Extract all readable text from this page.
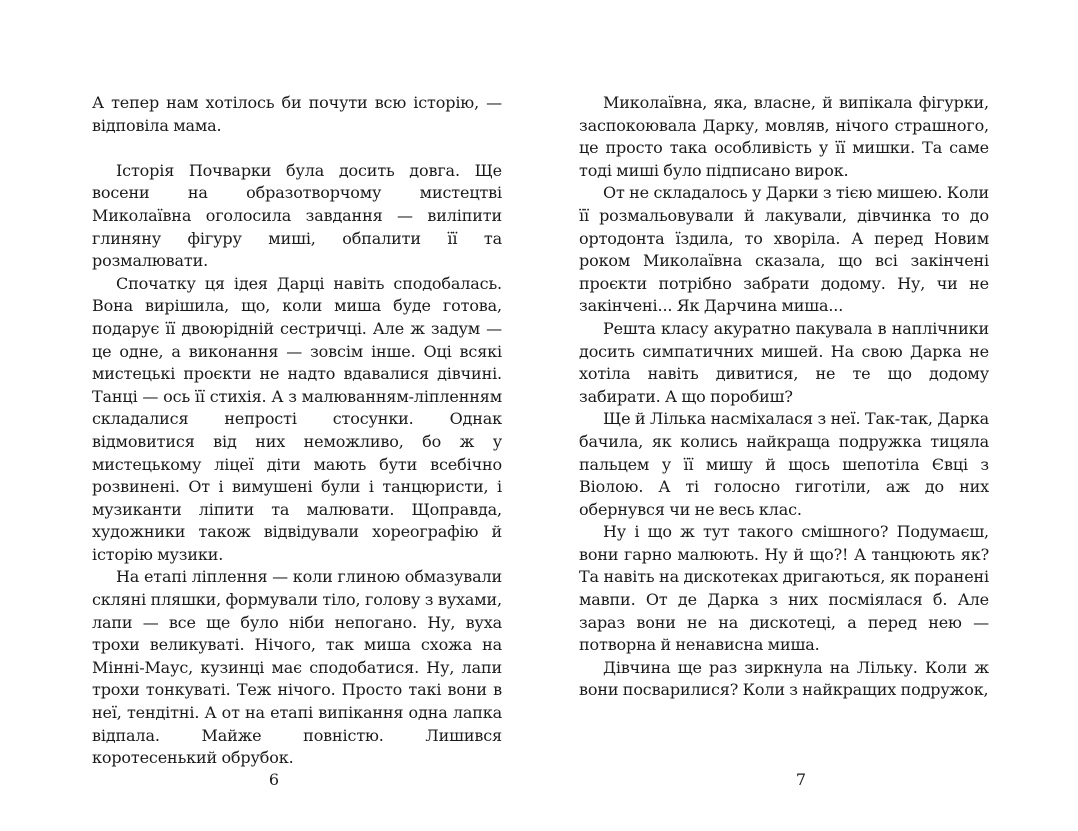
А тепер нам хотілось би почути всю історію, — відповіла мама.

Історія Почварки була досить довга. Ще восени на образотворчому мистецтві Миколаївна оголосила завдання — виліпити глиняну фігуру миші, обпалити її та розмалювати.

Спочатку ця ідея Дарці навіть сподобалась. Вона вирішила, що, коли миша буде готова, подарує її двоюрідній сестричці. Але ж задум — це одне, а виконання — зовсім інше. Оці всякі мистецькі проєкти не надто вдавалися дівчині. Танці — ось її стихія. А з малюванням-ліпленням складалися непрості стосунки. Однак відмовитися від них неможливо, бо ж у мистецькому ліцеї діти мають бути всебічно розвинені. От і вимушені були і танцюристи, і музиканти ліпити та малювати. Щоправда, художники також відвідували хореографію й історію музики.

На етапі ліплення — коли глиною обмазували скляні пляшки, формували тіло, голову з вухами, лапи — все ще було ніби непогано. Ну, вуха трохи великуваті. Нічого, так миша схожа на Мінні-Маус, кузинці має сподобатися. Ну, лапи трохи тонкуваті. Теж нічого. Просто такі вони в неї, тендітні. А от на етапі випікання одна лапка відпала. Майже повністю. Лишився коротесенький обрубок.

Миколаївна, яка, власне, й випікала фігурки, заспокоювала Дарку, мовляв, нічого страшного, це просто така особливість у її мишки. Та саме тоді миші було підписано вирок.

От не складалось у Дарки з тією мишею. Коли її розмальовували й лакували, дівчинка то до ортодонта їздила, то хворіла. А перед Новим роком Миколаївна сказала, що всі закінчені проєкти потрібно забрати додому. Ну, чи не закінчені... Як Дарчина миша...

Решта класу акуратно пакувала в наплічники досить симпатичних мишей. На свою Дарка не хотіла навіть дивитися, не те що додому забирати. А що поробиш?

Ще й Лілька насміхалася з неї. Так-так, Дарка бачила, як колись найкраща подружка тицяла пальцем у її мишу й щось шепотіла Євці з Віолою. А ті голосно гиготіли, аж до них обернувся чи не весь клас.

Ну і що ж тут такого смішного? Подумаєш, вони гарно малюють. Ну й що?! А танцюють як? Та навіть на дискотеках дригаються, як поранені мавпи. От де Дарка з них посміялася б. Але зараз вони не на дискотеці, а перед нею — потворна й ненависна миша.

Дівчина ще раз зиркнула на Лільку. Коли ж вони посварилися? Коли з найкращих подружок,

6	7
